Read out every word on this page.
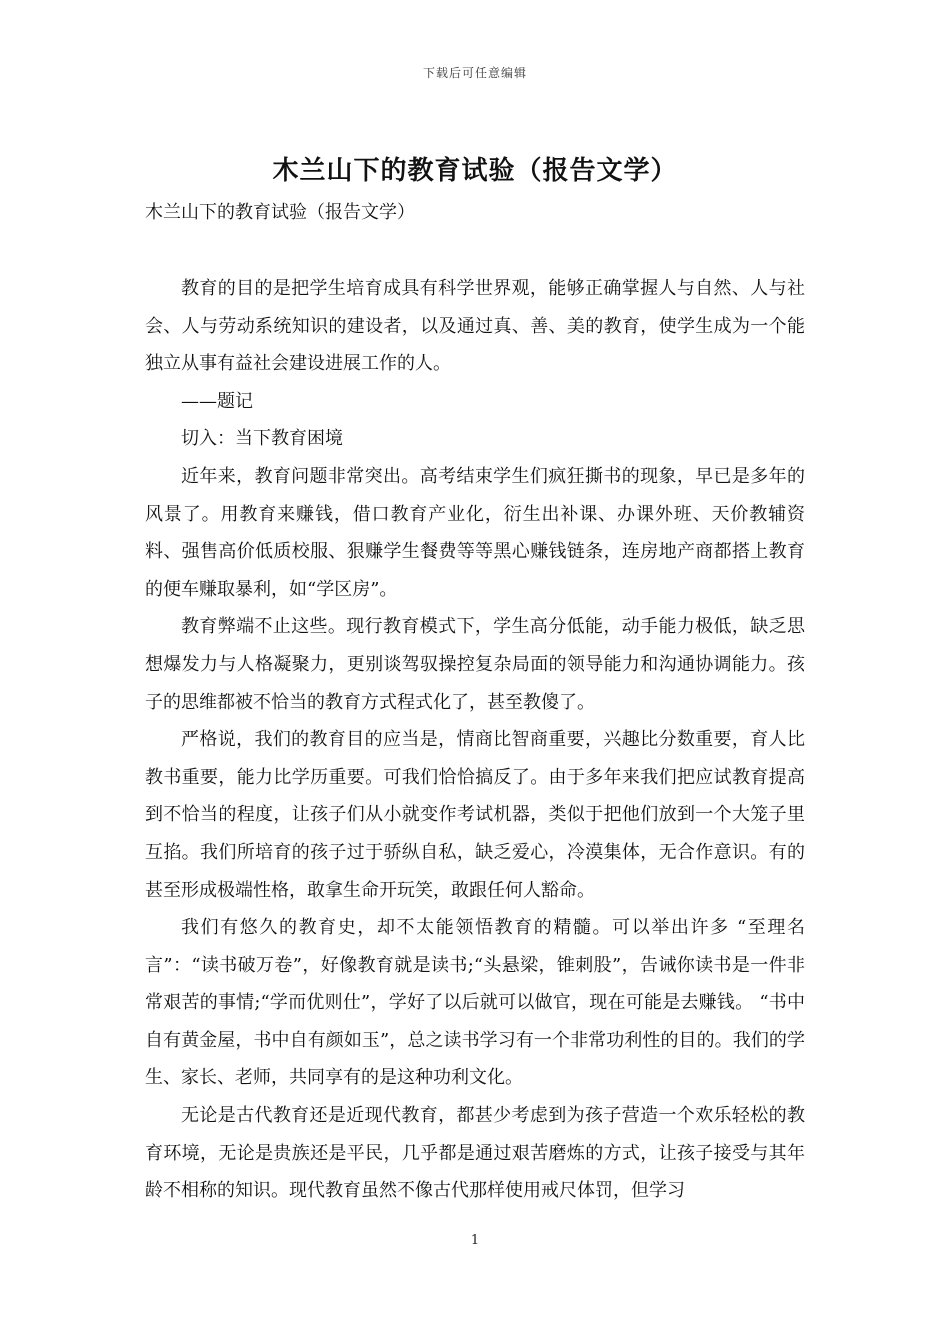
下载后可任意编辑
木兰山下的教育试验（报告文学）
木兰山下的教育试验（报告文学）

教育的目的是把学生培育成具有科学世界观，能够正确掌握人与自然、人与社会、人与劳动系统知识的建设者，以及通过真、善、美的教育，使学生成为一个能独立从事有益社会建设进展工作的人。

——题记

切入：当下教育困境

近年来，教育问题非常突出。高考结束学生们疯狂撕书的现象，早已是多年的风景了。用教育来赚钱，借口教育产业化，衍生出补课、办课外班、天价教辅资料、强售高价低质校服、狠赚学生餐费等等黑心赚钱链条，连房地产商都搭上教育的便车赚取暴利，如“学区房”。

教育弊端不止这些。现行教育模式下，学生高分低能，动手能力极低，缺乏思想爆发力与人格凝聚力，更别谈驾驭操控复杂局面的领导能力和沟通协调能力。孩子的思维都被不恰当的教育方式程式化了，甚至教傻了。

严格说，我们的教育目的应当是，情商比智商重要，兴趣比分数重要，育人比教书重要，能力比学历重要。可我们恰恰搞反了。由于多年来我们把应试教育提高到不恰当的程度，让孩子们从小就变作考试机器，类似于把他们放到一个大笼子里互掐。我们所培育的孩子过于骄纵自私，缺乏爱心，冷漠集体，无合作意识。有的甚至形成极端性格，敢拿生命开玩笑，敢跟任何人豁命。

我们有悠久的教育史，却不太能领悟教育的精髓。可以举出许多 “至理名言”：“读书破万卷”，好像教育就是读书;“头悬梁，锥刺股”，告诫你读书是一件非常艰苦的事情;“学而优则仕”，学好了以后就可以做官，现在可能是去赚钱。 “书中自有黄金屋，书中自有颜如玉”，总之读书学习有一个非常功利性的目的。我们的学生、家长、老师，共同享有的是这种功利文化。

无论是古代教育还是近现代教育，都甚少考虑到为孩子营造一个欢乐轻松的教育环境，无论是贵族还是平民，几乎都是通过艰苦磨炼的方式，让孩子接受与其年龄不相称的知识。现代教育虽然不像古代那样使用戒尺体罚，但学习

1
